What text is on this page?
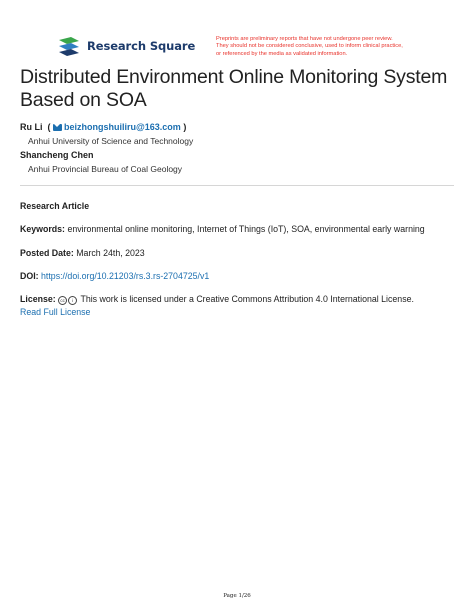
Research Square	Preprints are preliminary reports that have not undergone peer review.
They should not be considered conclusive, used to inform clinical practice,
or referenced by the media as validated information.
Distributed Environment Online Monitoring System
Based on SOA
Ru Li  ( beizhongshuiliru@163.com )
Anhui University of Science and Technology
Shancheng Chen
Anhui Provincial Bureau of Coal Geology
Research Article
Keywords: environmental online monitoring, Internet of Things (IoT), SOA, environmental early warning
Posted Date: March 24th, 2023
DOI: https://doi.org/10.21203/rs.3.rs-2704725/v1
License: cc i This work is licensed under a Creative Commons Attribution 4.0 International License.
Read Full License
Page 1/26
